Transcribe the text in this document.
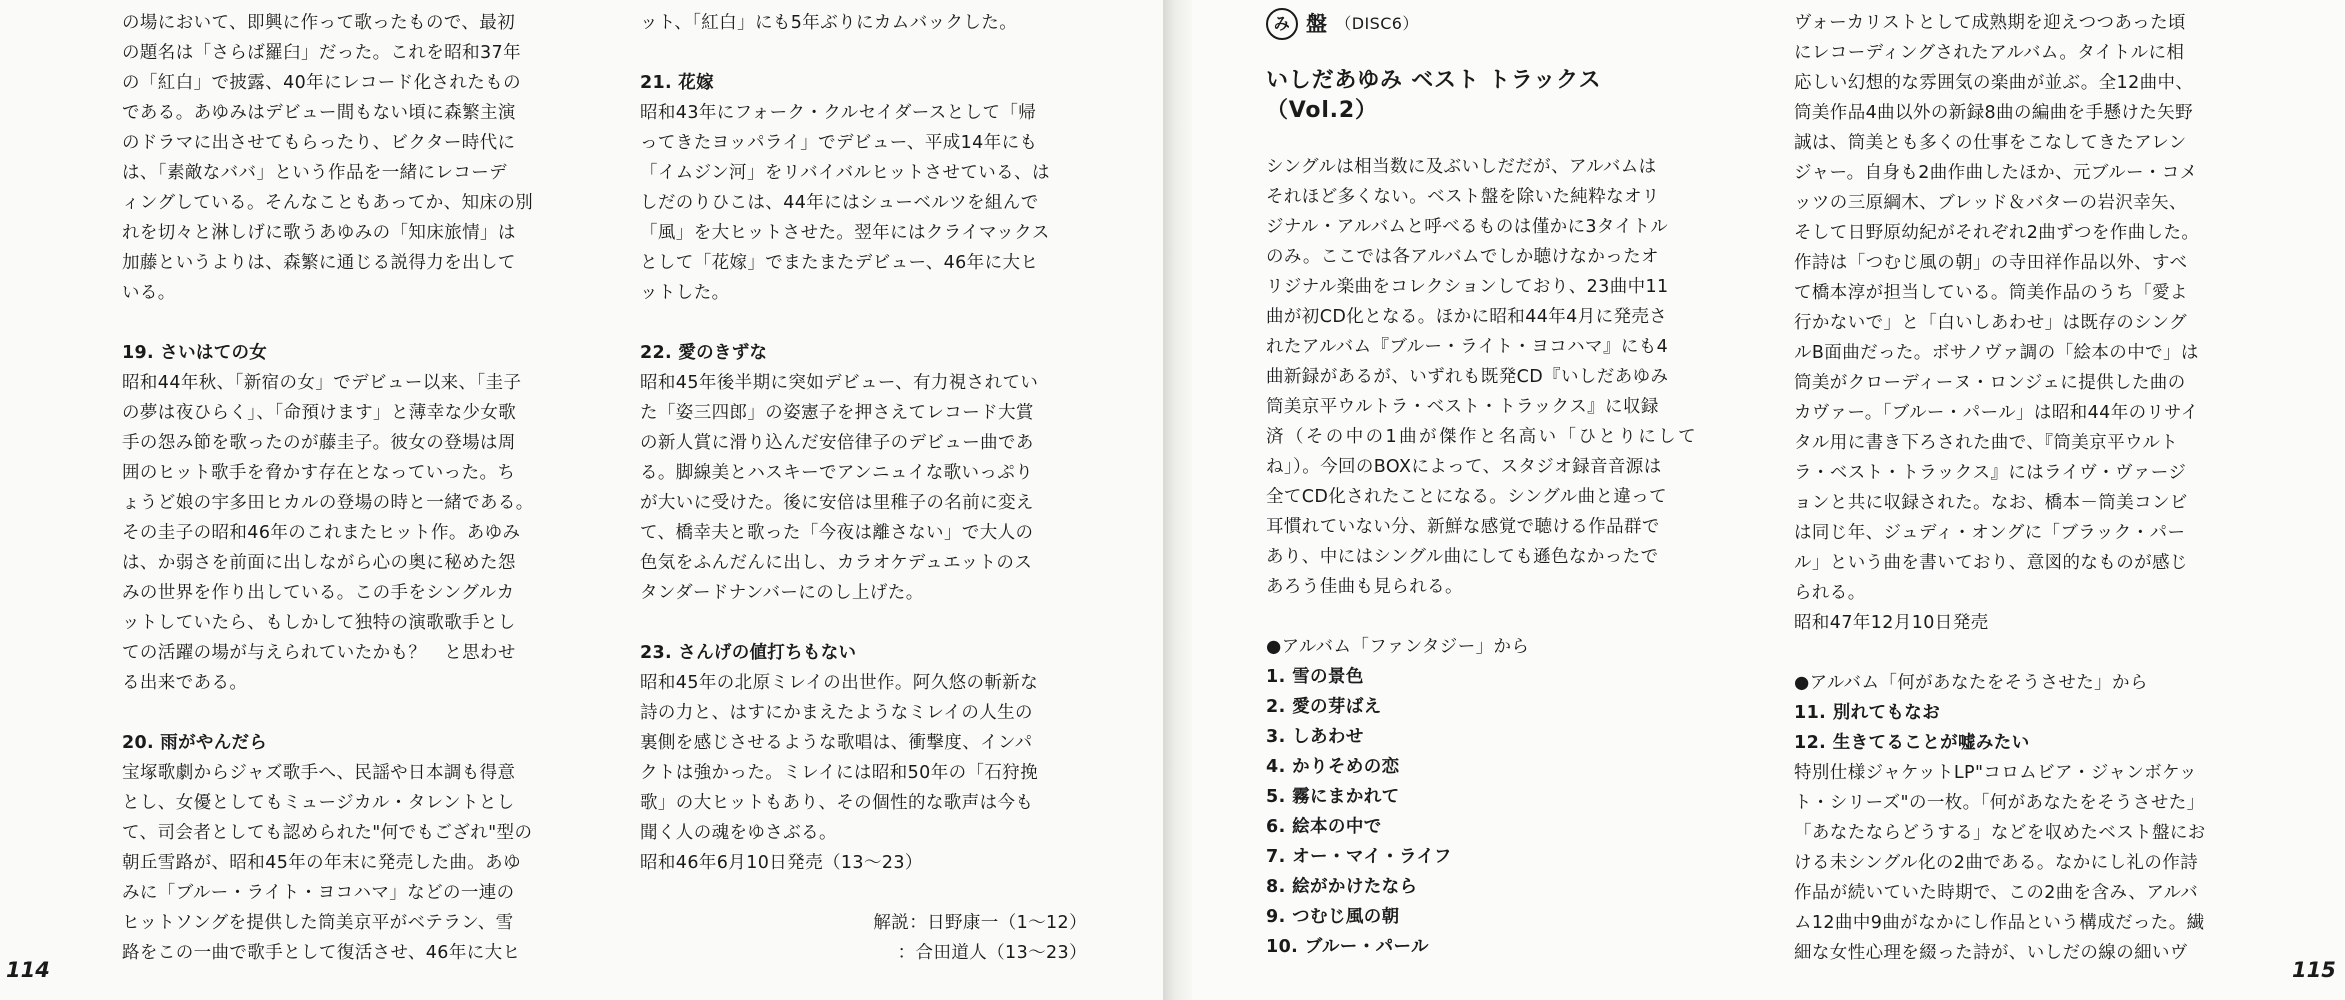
の場において、即興に作って歌ったもので、最初

の題名は「さらば羅臼」だった。これを昭和37年

の「紅白」で披露、40年にレコード化されたもの

である。あゆみはデビュー間もない頃に森繁主演

のドラマに出させてもらったり、ビクター時代に

は、「素敵なババ」という作品を一緒にレコーデ

ィングしている。そんなこともあってか、知床の別

れを切々と淋しげに歌うあゆみの「知床旅情」は

加藤というよりは、森繁に通じる説得力を出して

いる。

19. さいはての女

昭和44年秋、「新宿の女」でデビュー以来、「圭子

の夢は夜ひらく」、「命預けます」と薄幸な少女歌

手の怨み節を歌ったのが藤圭子。彼女の登場は周

囲のヒット歌手を脅かす存在となっていった。ち

ょうど娘の宇多田ヒカルの登場の時と一緒である。

その圭子の昭和46年のこれまたヒット作。あゆみ

は、か弱さを前面に出しながら心の奥に秘めた怨

みの世界を作り出している。この手をシングルカ

ットしていたら、もしかして独特の演歌歌手とし

ての活躍の場が与えられていたかも？　と思わせ

る出来である。

20. 雨がやんだら

宝塚歌劇からジャズ歌手へ、民謡や日本調も得意

とし、女優としてもミュージカル・タレントとし

て、司会者としても認められた"何でもござれ"型の

朝丘雪路が、昭和45年の年末に発売した曲。あゆ

みに「ブルー・ライト・ヨコハマ」などの一連の

ヒットソングを提供した筒美京平がベテラン、雪

路をこの一曲で歌手として復活させ、46年に大ヒ

ット、「紅白」にも5年ぶりにカムバックした。

21. 花嫁

昭和43年にフォーク・クルセイダースとして「帰

ってきたヨッパライ」でデビュー、平成14年にも

「イムジン河」をリバイバルヒットさせている、は

しだのりひこは、44年にはシューベルツを組んで

「風」を大ヒットさせた。翌年にはクライマックス

として「花嫁」でまたまたデビュー、46年に大ヒ

ットした。

22. 愛のきずな

昭和45年後半期に突如デビュー、有力視されてい

た「姿三四郎」の姿憲子を押さえてレコード大賞

の新人賞に滑り込んだ安倍律子のデビュー曲であ

る。脚線美とハスキーでアンニュイな歌いっぷり

が大いに受けた。後に安倍は里稚子の名前に変え

て、橋幸夫と歌った「今夜は離さない」で大人の

色気をふんだんに出し、カラオケデュエットのス

タンダードナンバーにのし上げた。

23. さんげの値打ちもない

昭和45年の北原ミレイの出世作。阿久悠の斬新な

詩の力と、はすにかまえたようなミレイの人生の

裏側を感じさせるような歌唱は、衝撃度、インパ

クトは強かった。ミレイには昭和50年の「石狩挽

歌」の大ヒットもあり、その個性的な歌声は今も

聞く人の魂をゆさぶる。

昭和46年6月10日発売（13〜23）

解説：日野康一（1〜12）

：合田道人（13〜23）

114
み 盤 （DISC6）
いしだあゆみ ベスト トラックス（Vol.2）

シングルは相当数に及ぶいしだだが、アルバムは

それほど多くない。ベスト盤を除いた純粋なオリ

ジナル・アルバムと呼べるものは僅かに3タイトル

のみ。ここでは各アルバムでしか聴けなかったオ

リジナル楽曲をコレクションしており、23曲中11

曲が初CD化となる。ほかに昭和44年4月に発売さ

れたアルバム『ブルー・ライト・ヨコハマ』にも4

曲新録があるが、いずれも既発CD『いしだあゆみ

筒美京平ウルトラ・ベスト・トラックス』に収録

済（その中の1曲が傑作と名高い「ひとりにしてね」）。今回のBOXによって、スタジオ録音音源は

全てCD化されたことになる。シングル曲と違って

耳慣れていない分、新鮮な感覚で聴ける作品群で

あり、中にはシングル曲にしても遜色なかったで

あろう佳曲も見られる。

●アルバム「ファンタジー」から

1. 雪の景色
2. 愛の芽ばえ
3. しあわせ
4. かりそめの恋
5. 霧にまかれて
6. 絵本の中で
7. オー・マイ・ライフ
8. 絵がかけたなら
9. つむじ風の朝
10. ブルー・パール

ヴォーカリストとして成熟期を迎えつつあった頃

にレコーディングされたアルバム。タイトルに相

応しい幻想的な雰囲気の楽曲が並ぶ。全12曲中、

筒美作品4曲以外の新録8曲の編曲を手懸けた矢野

誠は、筒美とも多くの仕事をこなしてきたアレン

ジャー。自身も2曲作曲したほか、元ブルー・コメ

ッツの三原綱木、ブレッド＆バターの岩沢幸矢、

そして日野原幼紀がそれぞれ2曲ずつを作曲した。

作詩は「つむじ風の朝」の寺田祥作品以外、すべ

て橋本淳が担当している。筒美作品のうち「愛よ

行かないで」と「白いしあわせ」は既存のシング

ルB面曲だった。ボサノヴァ調の「絵本の中で」は

筒美がクローディーヌ・ロンジェに提供した曲の

カヴァー。「ブルー・パール」は昭和44年のリサイ

タル用に書き下ろされた曲で、『筒美京平ウルト

ラ・ベスト・トラックス』にはライヴ・ヴァージ

ョンと共に収録された。なお、橋本－筒美コンビ

は同じ年、ジュディ・オングに「ブラック・パー

ル」という曲を書いており、意図的なものが感じ

られる。

昭和47年12月10日発売

●アルバム「何があなたをそうさせた」から

11. 別れてもなお
12. 生きてることが嘘みたい

特別仕様ジャケットLP"コロムビア・ジャンボケッ

ト・シリーズ"の一枚。「何があなたをそうさせた」

「あなたならどうする」などを収めたベスト盤にお

ける未シングル化の2曲である。なかにし礼の作詩

作品が続いていた時期で、この2曲を含み、アルバ

ム12曲中9曲がなかにし作品という構成だった。繊

細な女性心理を綴った詩が、いしだの線の細いヴ

115
